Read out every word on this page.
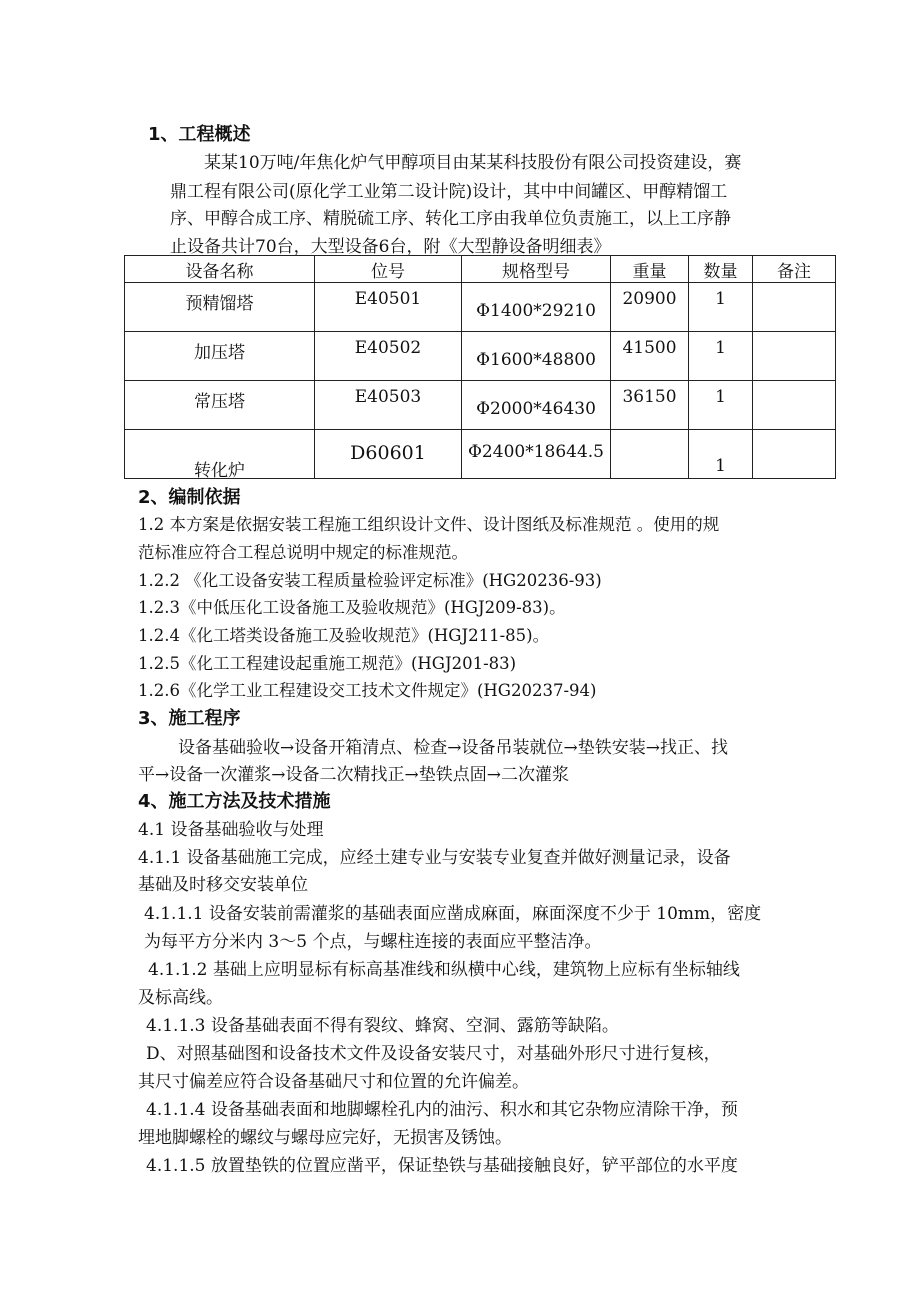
1、工程概述
某某10万吨/年焦化炉气甲醇项目由某某科技股份有限公司投资建设，赛
鼎工程有限公司(原化学工业第二设计院)设计，其中中间罐区、甲醇精馏工
序、甲醇合成工序、精脱硫工序、转化工序由我单位负责施工，以上工序静
止设备共计70台，大型设备6台，附《大型静设备明细表》
设备名称	位号	规格型号	重量	数量	备注

预精馏塔	E40501	Φ1400*29210	20900	1	

加压塔	E40502	Φ1600*48800	41500	1	

常压塔	E40503	Φ2000*46430	36150	1	

转化炉	D60601	Φ2400*18644.5		1	

2、编制依据
1.2 本方案是依据安装工程施工组织设计文件、设计图纸及标准规范 。使用的规
范标准应符合工程总说明中规定的标准规范。
1.2.2 《化工设备安装工程质量检验评定标准》(HG20236-93)
1.2.3《中低压化工设备施工及验收规范》(HGJ209-83)。
1.2.4《化工塔类设备施工及验收规范》(HGJ211-85)。
1.2.5《化工工程建设起重施工规范》(HGJ201-83)
1.2.6《化学工业工程建设交工技术文件规定》(HG20237-94)
3、施工程序
设备基础验收→设备开箱清点、检查→设备吊装就位→垫铁安装→找正、找
平→设备一次灌浆→设备二次精找正→垫铁点固→二次灌浆
4、施工方法及技术措施
4.1 设备基础验收与处理
4.1.1 设备基础施工完成，应经土建专业与安装专业复查并做好测量记录，设备
基础及时移交安装单位
4.1.1.1 设备安装前需灌浆的基础表面应凿成麻面，麻面深度不少于 10mm，密度
为每平方分米内 3～5 个点，与螺柱连接的表面应平整洁净。
4.1.1.2 基础上应明显标有标高基准线和纵横中心线，建筑物上应标有坐标轴线
及标高线。
4.1.1.3 设备基础表面不得有裂纹、蜂窝、空洞、露筋等缺陷。
D、对照基础图和设备技术文件及设备安装尺寸，对基础外形尺寸进行复核，
其尺寸偏差应符合设备基础尺寸和位置的允许偏差。
4.1.1.4 设备基础表面和地脚螺栓孔内的油污、积水和其它杂物应清除干净，预
埋地脚螺栓的螺纹与螺母应完好，无损害及锈蚀。
4.1.1.5 放置垫铁的位置应凿平，保证垫铁与基础接触良好，铲平部位的水平度
